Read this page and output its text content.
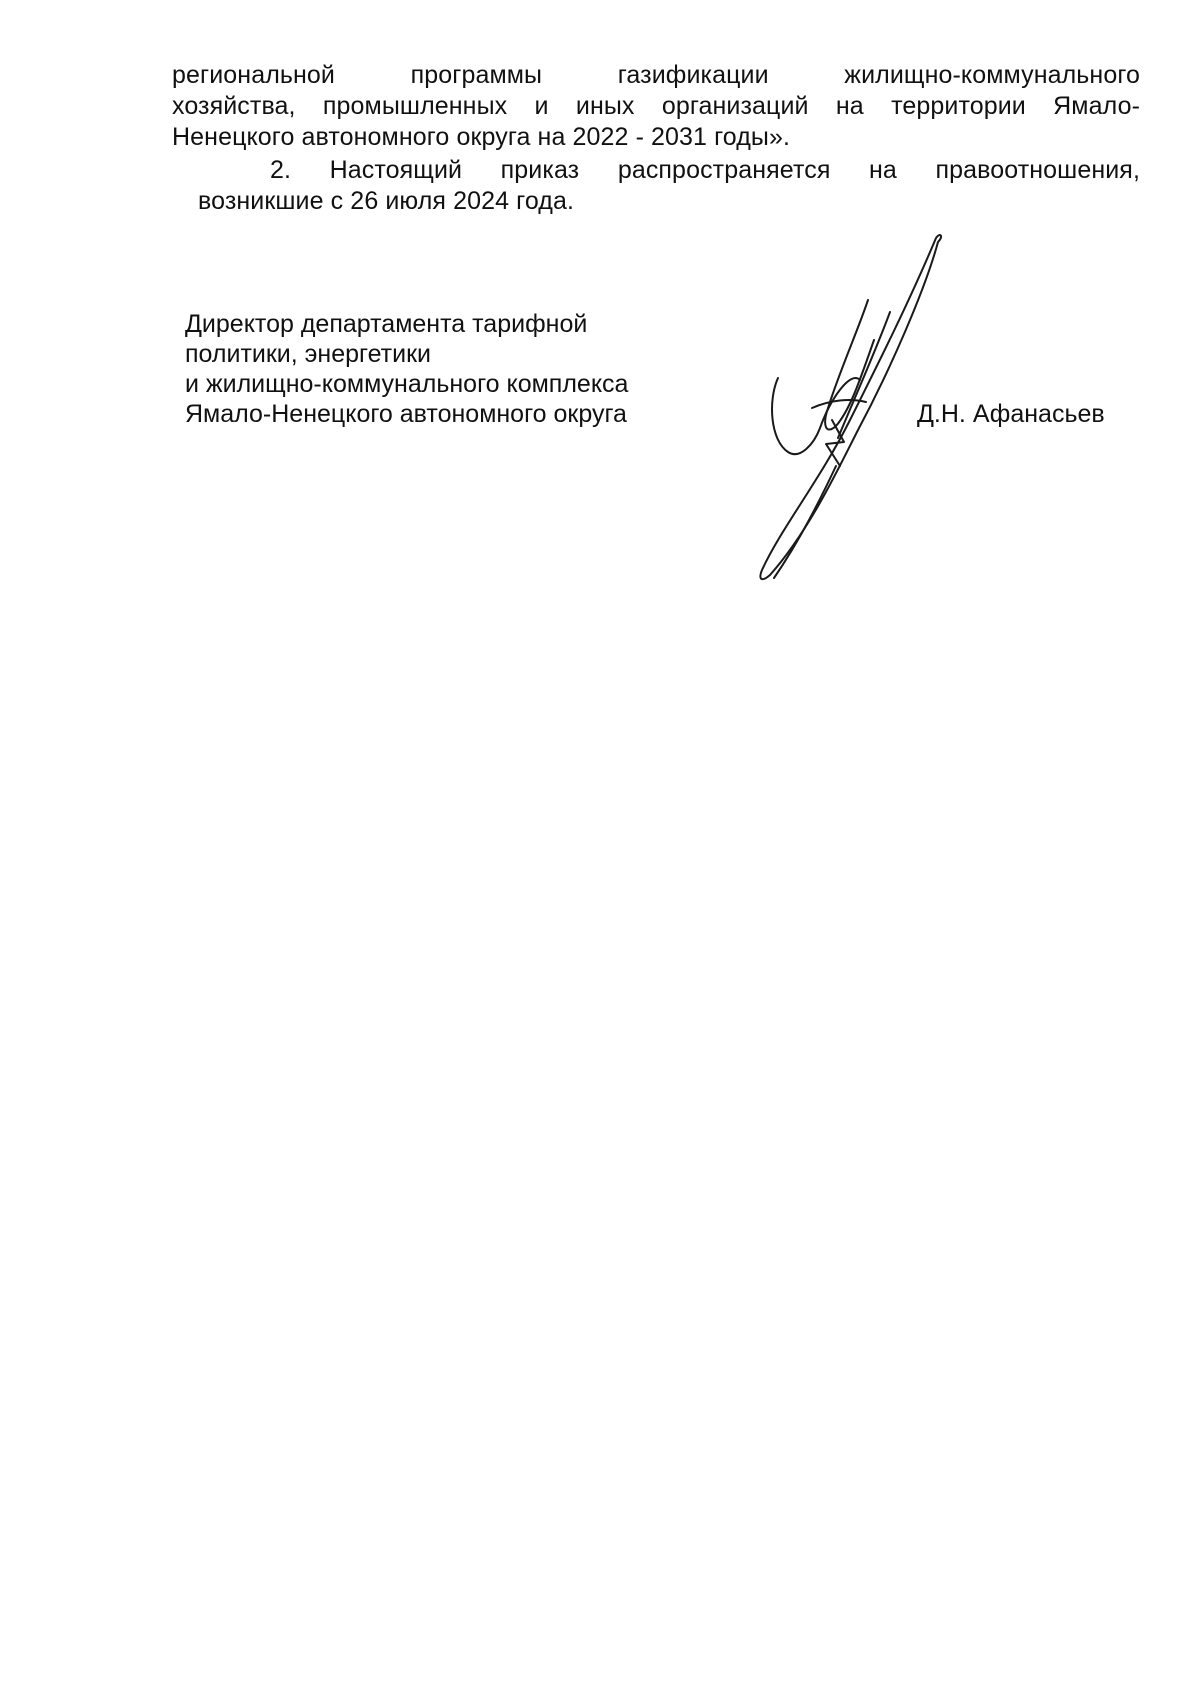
региональной программы газификации жилищно-коммунального
хозяйства, промышленных и иных организаций на территории Ямало-
Ненецкого автономного округа на 2022 - 2031 годы».
2. Настоящий приказ распространяется на правоотношения,
возникшие с 26 июля 2024 года.
Директор департамента тарифной
политики, энергетики
и жилищно-коммунального комплекса
Ямало-Ненецкого автономного округа	Д.Н. Афанасьев
